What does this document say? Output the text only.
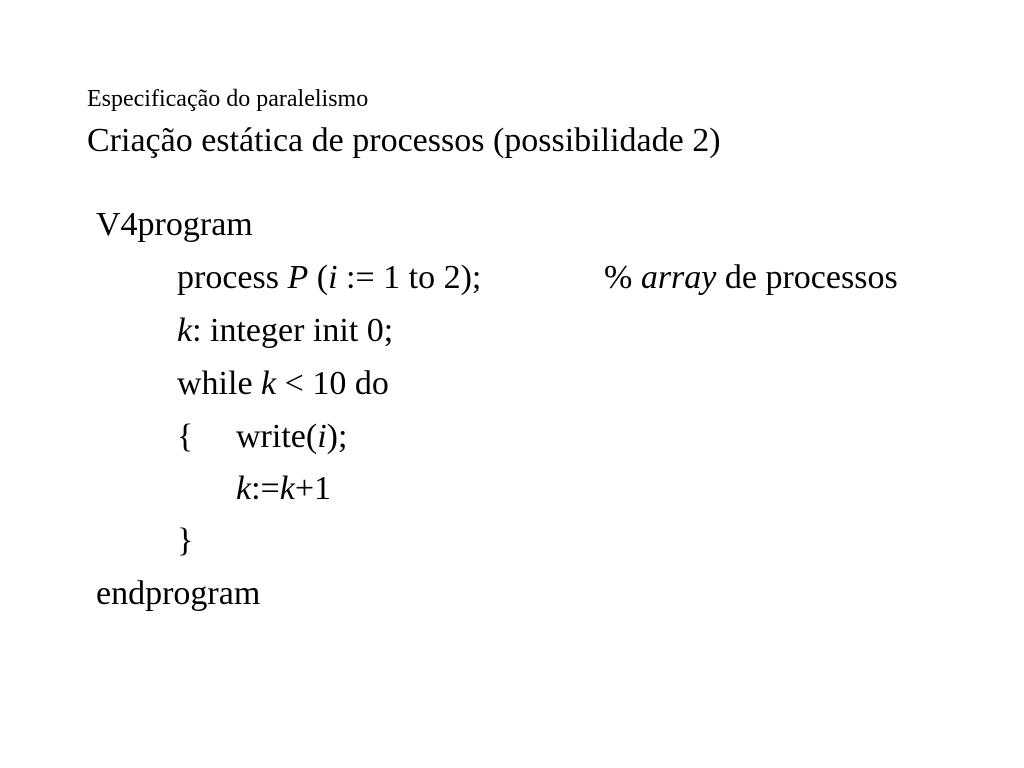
Especificação do paralelismo
Criação estática de processos (possibilidade 2)
V4program
process P (i := 1 to 2);	% array de processos
k: integer init 0;
while k < 10 do
{ write(i);
k:=k+1
}
endprogram
